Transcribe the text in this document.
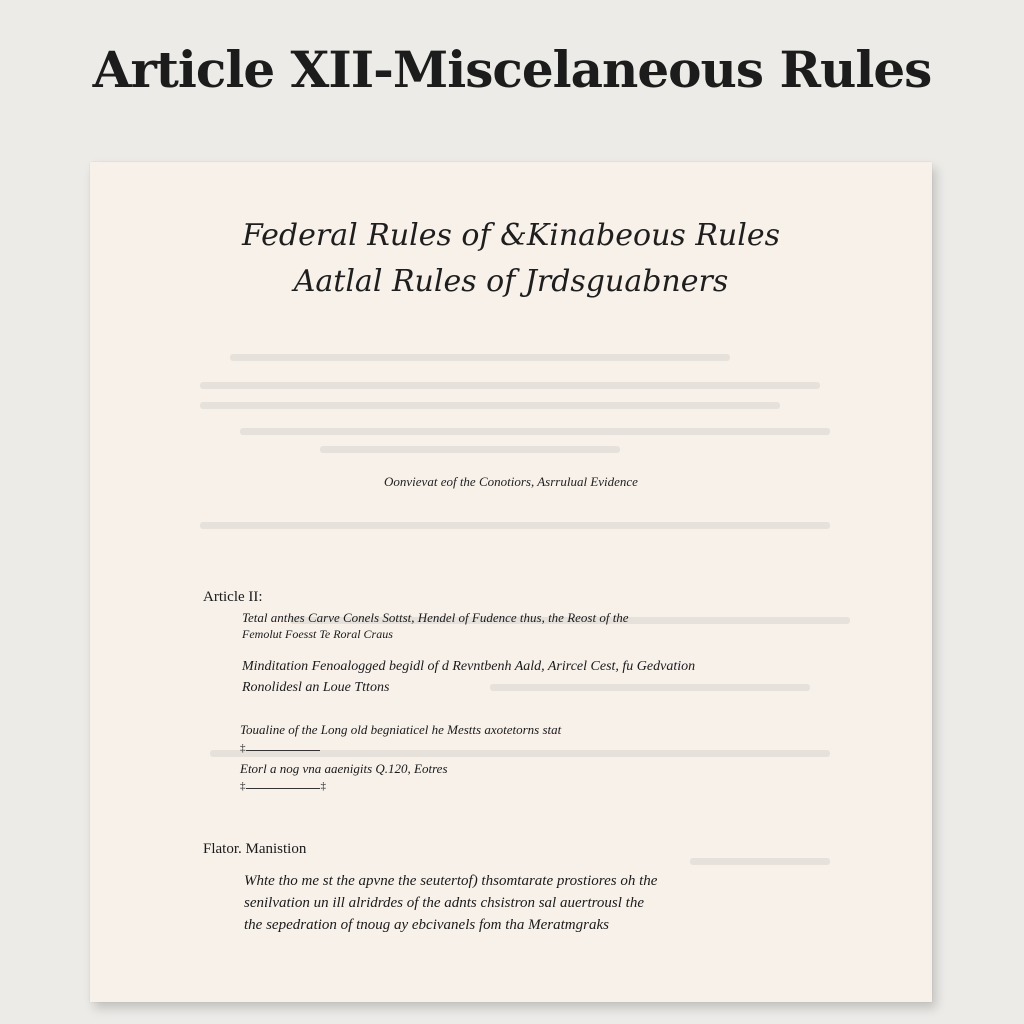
Article XII-Miscelaneous Rules
Federal Rules of &Kinabeous Rules
Aatlal Rules of Jrdsguabners
Oonvievat eof the Conotiors, Asrrulual Evidence
Article II:
Tetal anthes Carve Conels Sottst, Hendel of Fudence thus, the Reost of the
Femolut Foesst Te Roral Craus
Minditation Fenoalogged begidl of d Revntbenh Aald, Arircel Cest, fu Gedvation
Ronolidesl an Loue Tttons
Toualine of the Long old begniaticel he Mestts axotetorns stat
‡
Etorl a nog vna aaenigits Q.120, Eotres
‡	‡
Flator. Manistion
Whte tho me st the apvne the seutertof) thsomtarate prostiores oh the
senilvation un ill alridrdes of the adnts chsistron sal auertrousl the
the sepedration of tnoug ay ebcivanels fom tha Meratmgraks
